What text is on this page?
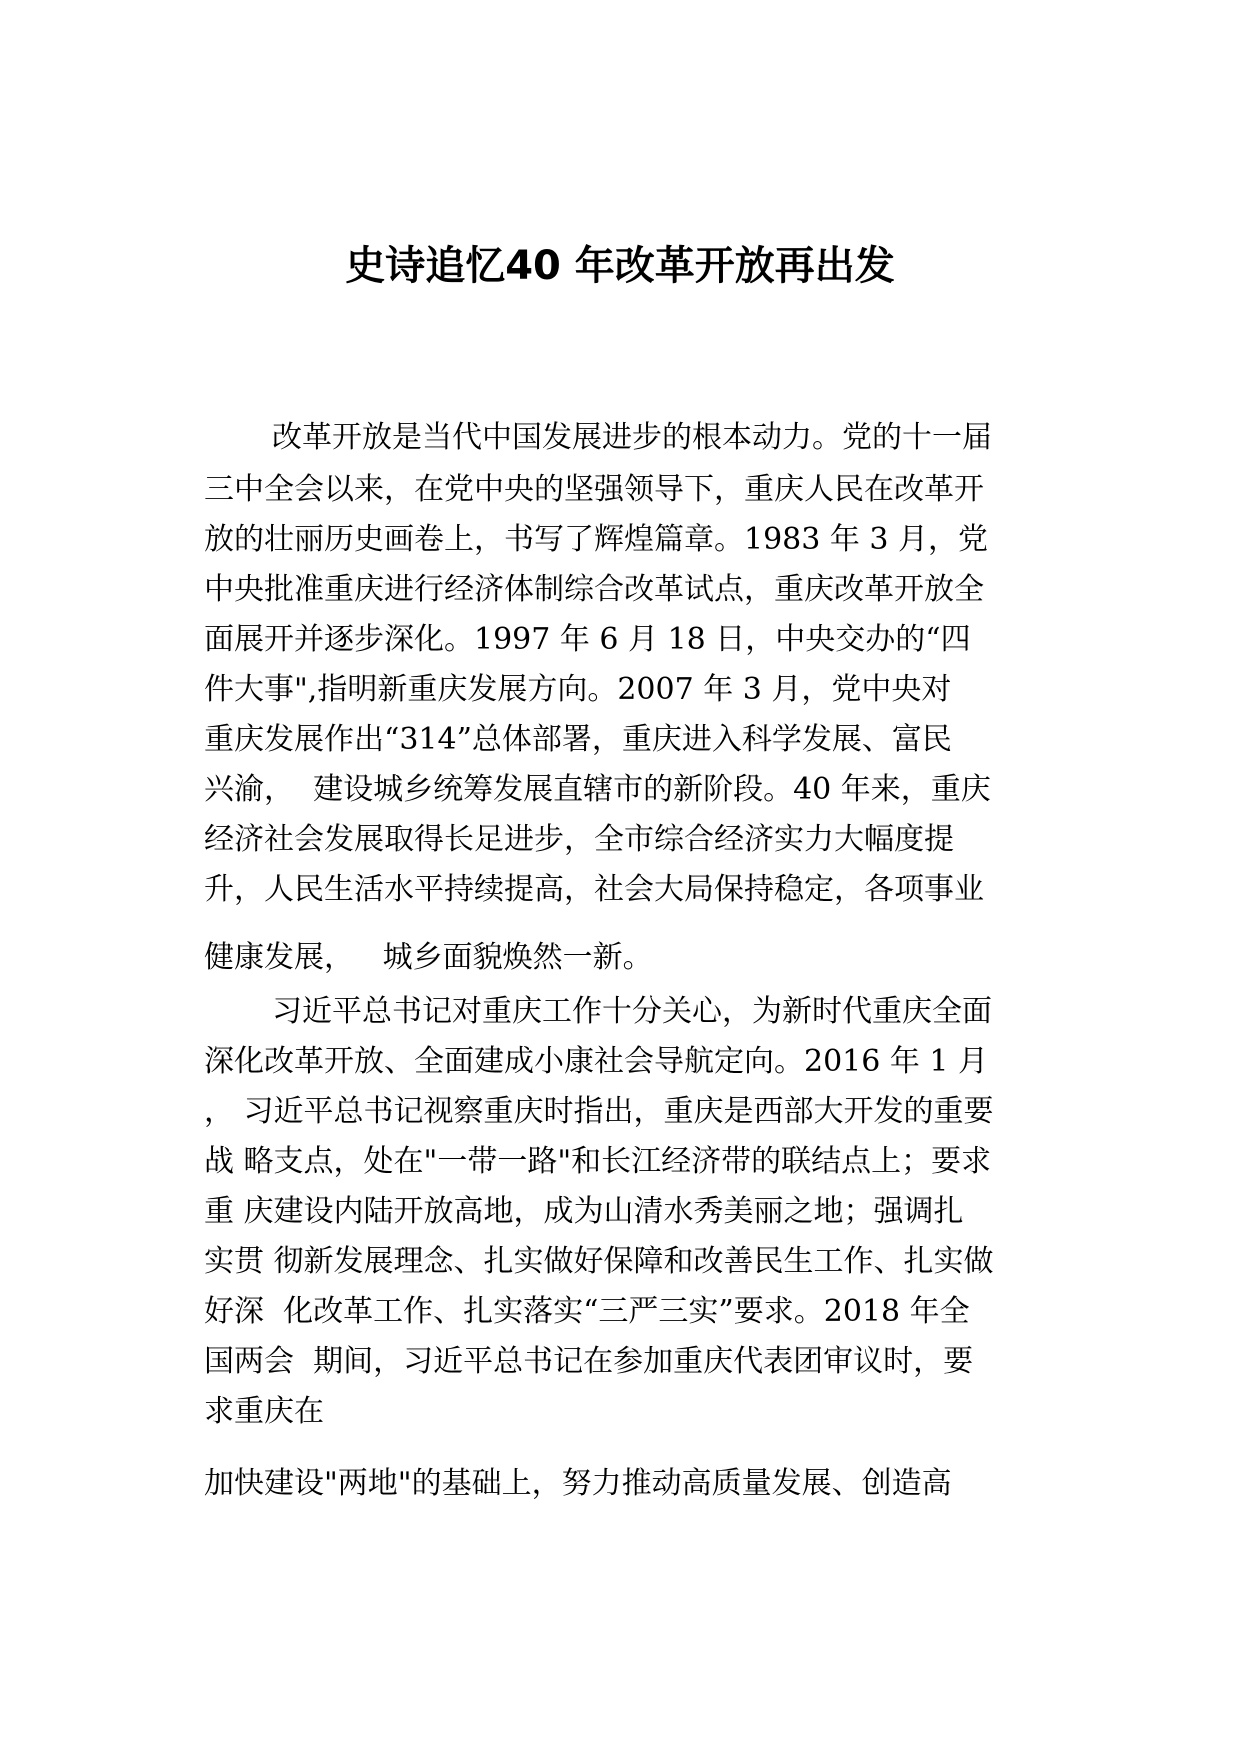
史诗追忆40 年改革开放再出发

改革开放是当代中国发展进步的根本动力。党的十一届

三中全会以来，在党中央的坚强领导下，重庆人民在改革开

放的壮丽历史画卷上，书写了辉煌篇章。1983 年 3 月，党

中央批准重庆进行经济体制综合改革试点，重庆改革开放全

面展开并逐步深化。1997 年 6 月 18 日，中央交办的“四

件大事",指明新重庆发展方向。2007 年 3 月，党中央对

重庆发展作出“314”总体部署，重庆进入科学发展、富民

兴渝，  建设城乡统筹发展直辖市的新阶段。40 年来，重庆

经济社会发展取得长足进步，全市综合经济实力大幅度提

升，人民生活水平持续提高，社会大局保持稳定，各项事业

健康发展，   城乡面貌焕然一新。

习近平总书记对重庆工作十分关心，为新时代重庆全面

深化改革开放、全面建成小康社会导航定向。2016 年 1 月

， 习近平总书记视察重庆时指出，重庆是西部大开发的重要

战 略支点，处在"一带一路"和长江经济带的联结点上；要求

重 庆建设内陆开放高地，成为山清水秀美丽之地；强调扎

实贯 彻新发展理念、扎实做好保障和改善民生工作、扎实做

好深  化改革工作、扎实落实“三严三实”要求。2018 年全

国两会  期间，习近平总书记在参加重庆代表团审议时，要

求重庆在

加快建设"两地"的基础上，努力推动高质量发展、创造高
